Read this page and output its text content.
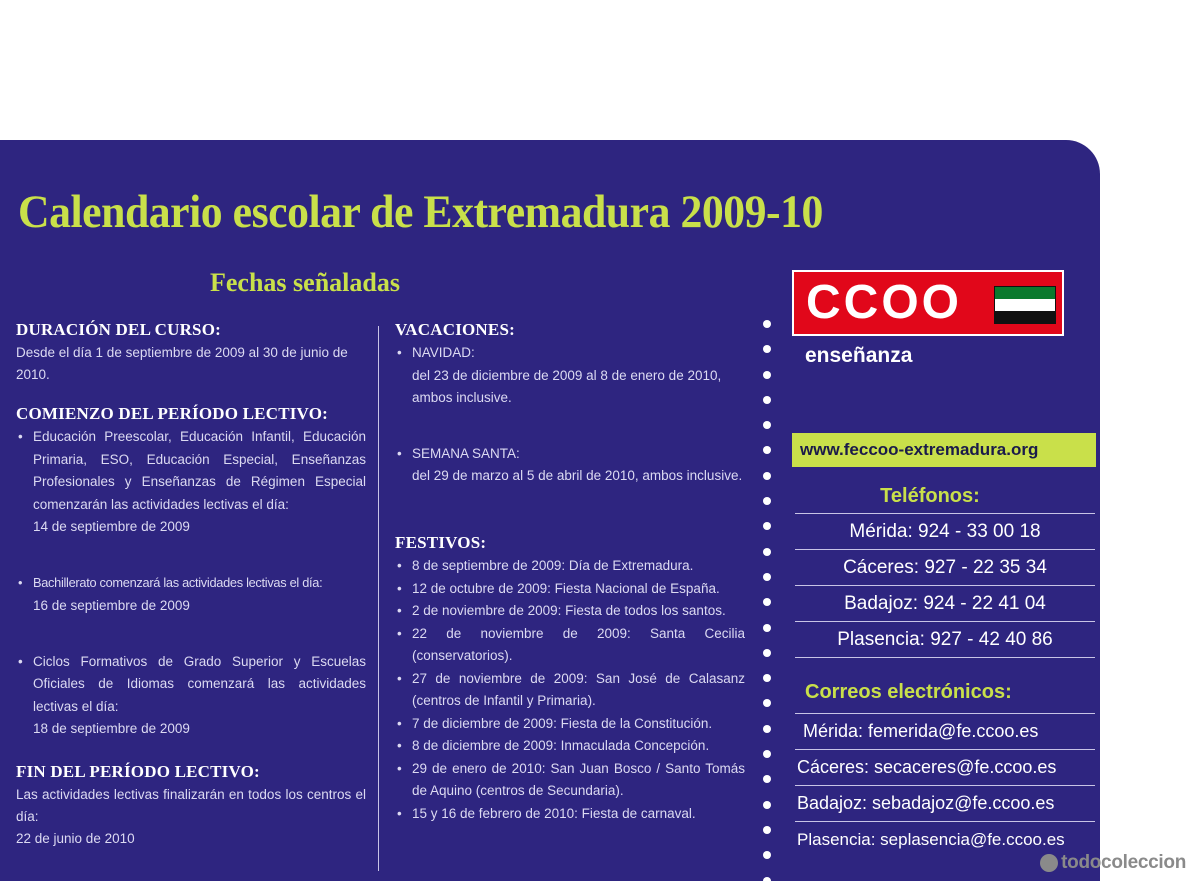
Calendario escolar de Extremadura 2009-10
Fechas señaladas
DURACIÓN DEL CURSO:
Desde el día 1 de septiembre de 2009 al 30 de junio de 2010.
COMIENZO DEL PERÍODO LECTIVO:
• Educación Preescolar, Educación Infantil, Educación Primaria, ESO, Educación Especial, Enseñanzas Profesionales y Enseñanzas de Régimen Especial comenzarán las actividades lectivas el día:
14 de septiembre de 2009
• Bachillerato comenzará las actividades lectivas el día:
16 de septiembre de 2009
• Ciclos Formativos de Grado Superior y Escuelas Oficiales de Idiomas comenzará las actividades lectivas el día:
18 de septiembre de 2009
FIN DEL PERÍODO LECTIVO:
Las actividades lectivas finalizarán en todos los centros el día:
22 de junio de 2010
VACACIONES:
• NAVIDAD:
del 23 de diciembre de 2009 al 8 de enero de 2010, ambos inclusive.
• SEMANA SANTA:
del 29 de marzo al 5 de abril de 2010, ambos inclusive.
FESTIVOS:
• 8 de septiembre de 2009: Día de Extremadura.
• 12 de octubre de 2009: Fiesta Nacional de España.
• 2 de noviembre de 2009: Fiesta de todos los santos.
• 22 de noviembre de 2009: Santa Cecilia (conservatorios).
• 27 de noviembre de 2009: San José de Calasanz (centros de Infantil y Primaria).
• 7 de diciembre de 2009: Fiesta de la Constitución.
• 8 de diciembre de 2009: Inmaculada Concepción.
• 29 de enero de 2010: San Juan Bosco / Santo Tomás de Aquino (centros de Secundaria).
• 15 y 16 de febrero de 2010: Fiesta de carnaval.
CCOO
enseñanza
www.feccoo-extremadura.org
Teléfonos:
Mérida: 924 - 33 00 18
Cáceres: 927 - 22 35 34
Badajoz: 924 - 22 41 04
Plasencia: 927 - 42 40 86
Correos electrónicos:
Mérida: femerida@fe.ccoo.es
Cáceres: secaceres@fe.ccoo.es
Badajoz: sebadajoz@fe.ccoo.es
Plasencia: seplasencia@fe.ccoo.es
todocoleccion
